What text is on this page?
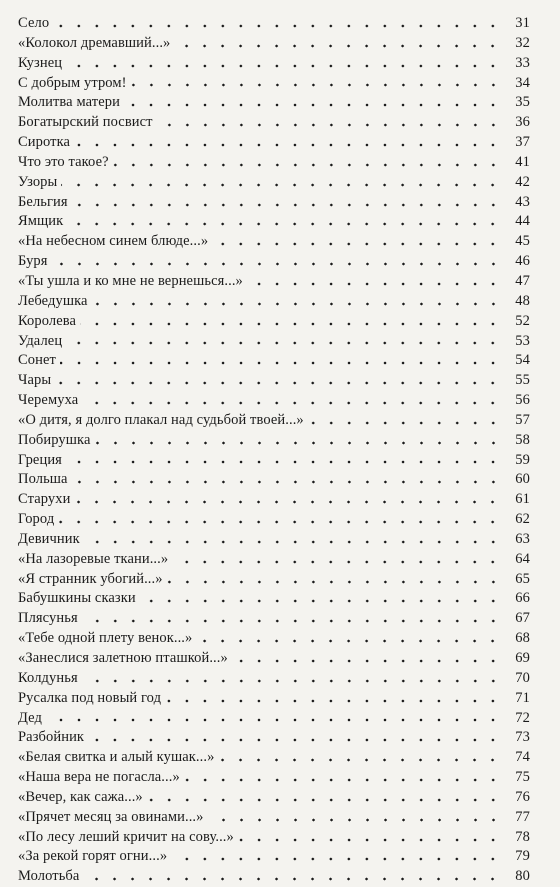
Село	31
«Колокол дремавший...»	32
Кузнец	33
С добрым утром!	34
Молитва матери	35
Богатырский посвист	36
Сиротка	37
Что это такое?	41
Узоры	42
Бельгия	43
Ямщик	44
«На небесном синем блюде...»	45
Буря	46
«Ты ушла и ко мне не вернешься...»	47
Лебедушка	48
Королева	52
Удалец	53
Сонет	54
Чары	55
Черемуха	56
«О дитя, я долго плакал над судьбой твоей...»	57
Побирушка	58
Греция	59
Польша	60
Старухи	61
Город	62
Девичник	63
«На лазоревые ткани...»	64
«Я странник убогий...»	65
Бабушкины сказки	66
Плясунья	67
«Тебе одной плету венок...»	68
«Занеслися залетною пташкой...»	69
Колдунья	70
Русалка под новый год	71
Дед	72
Разбойник	73
«Белая свитка и алый кушак...»	74
«Наша вера не погасла...»	75
«Вечер, как сажа...»	76
«Прячет месяц за овинами...»	77
«По лесу леший кричит на сову...»	78
«За рекой горят огни...»	79
Молотьба	80
